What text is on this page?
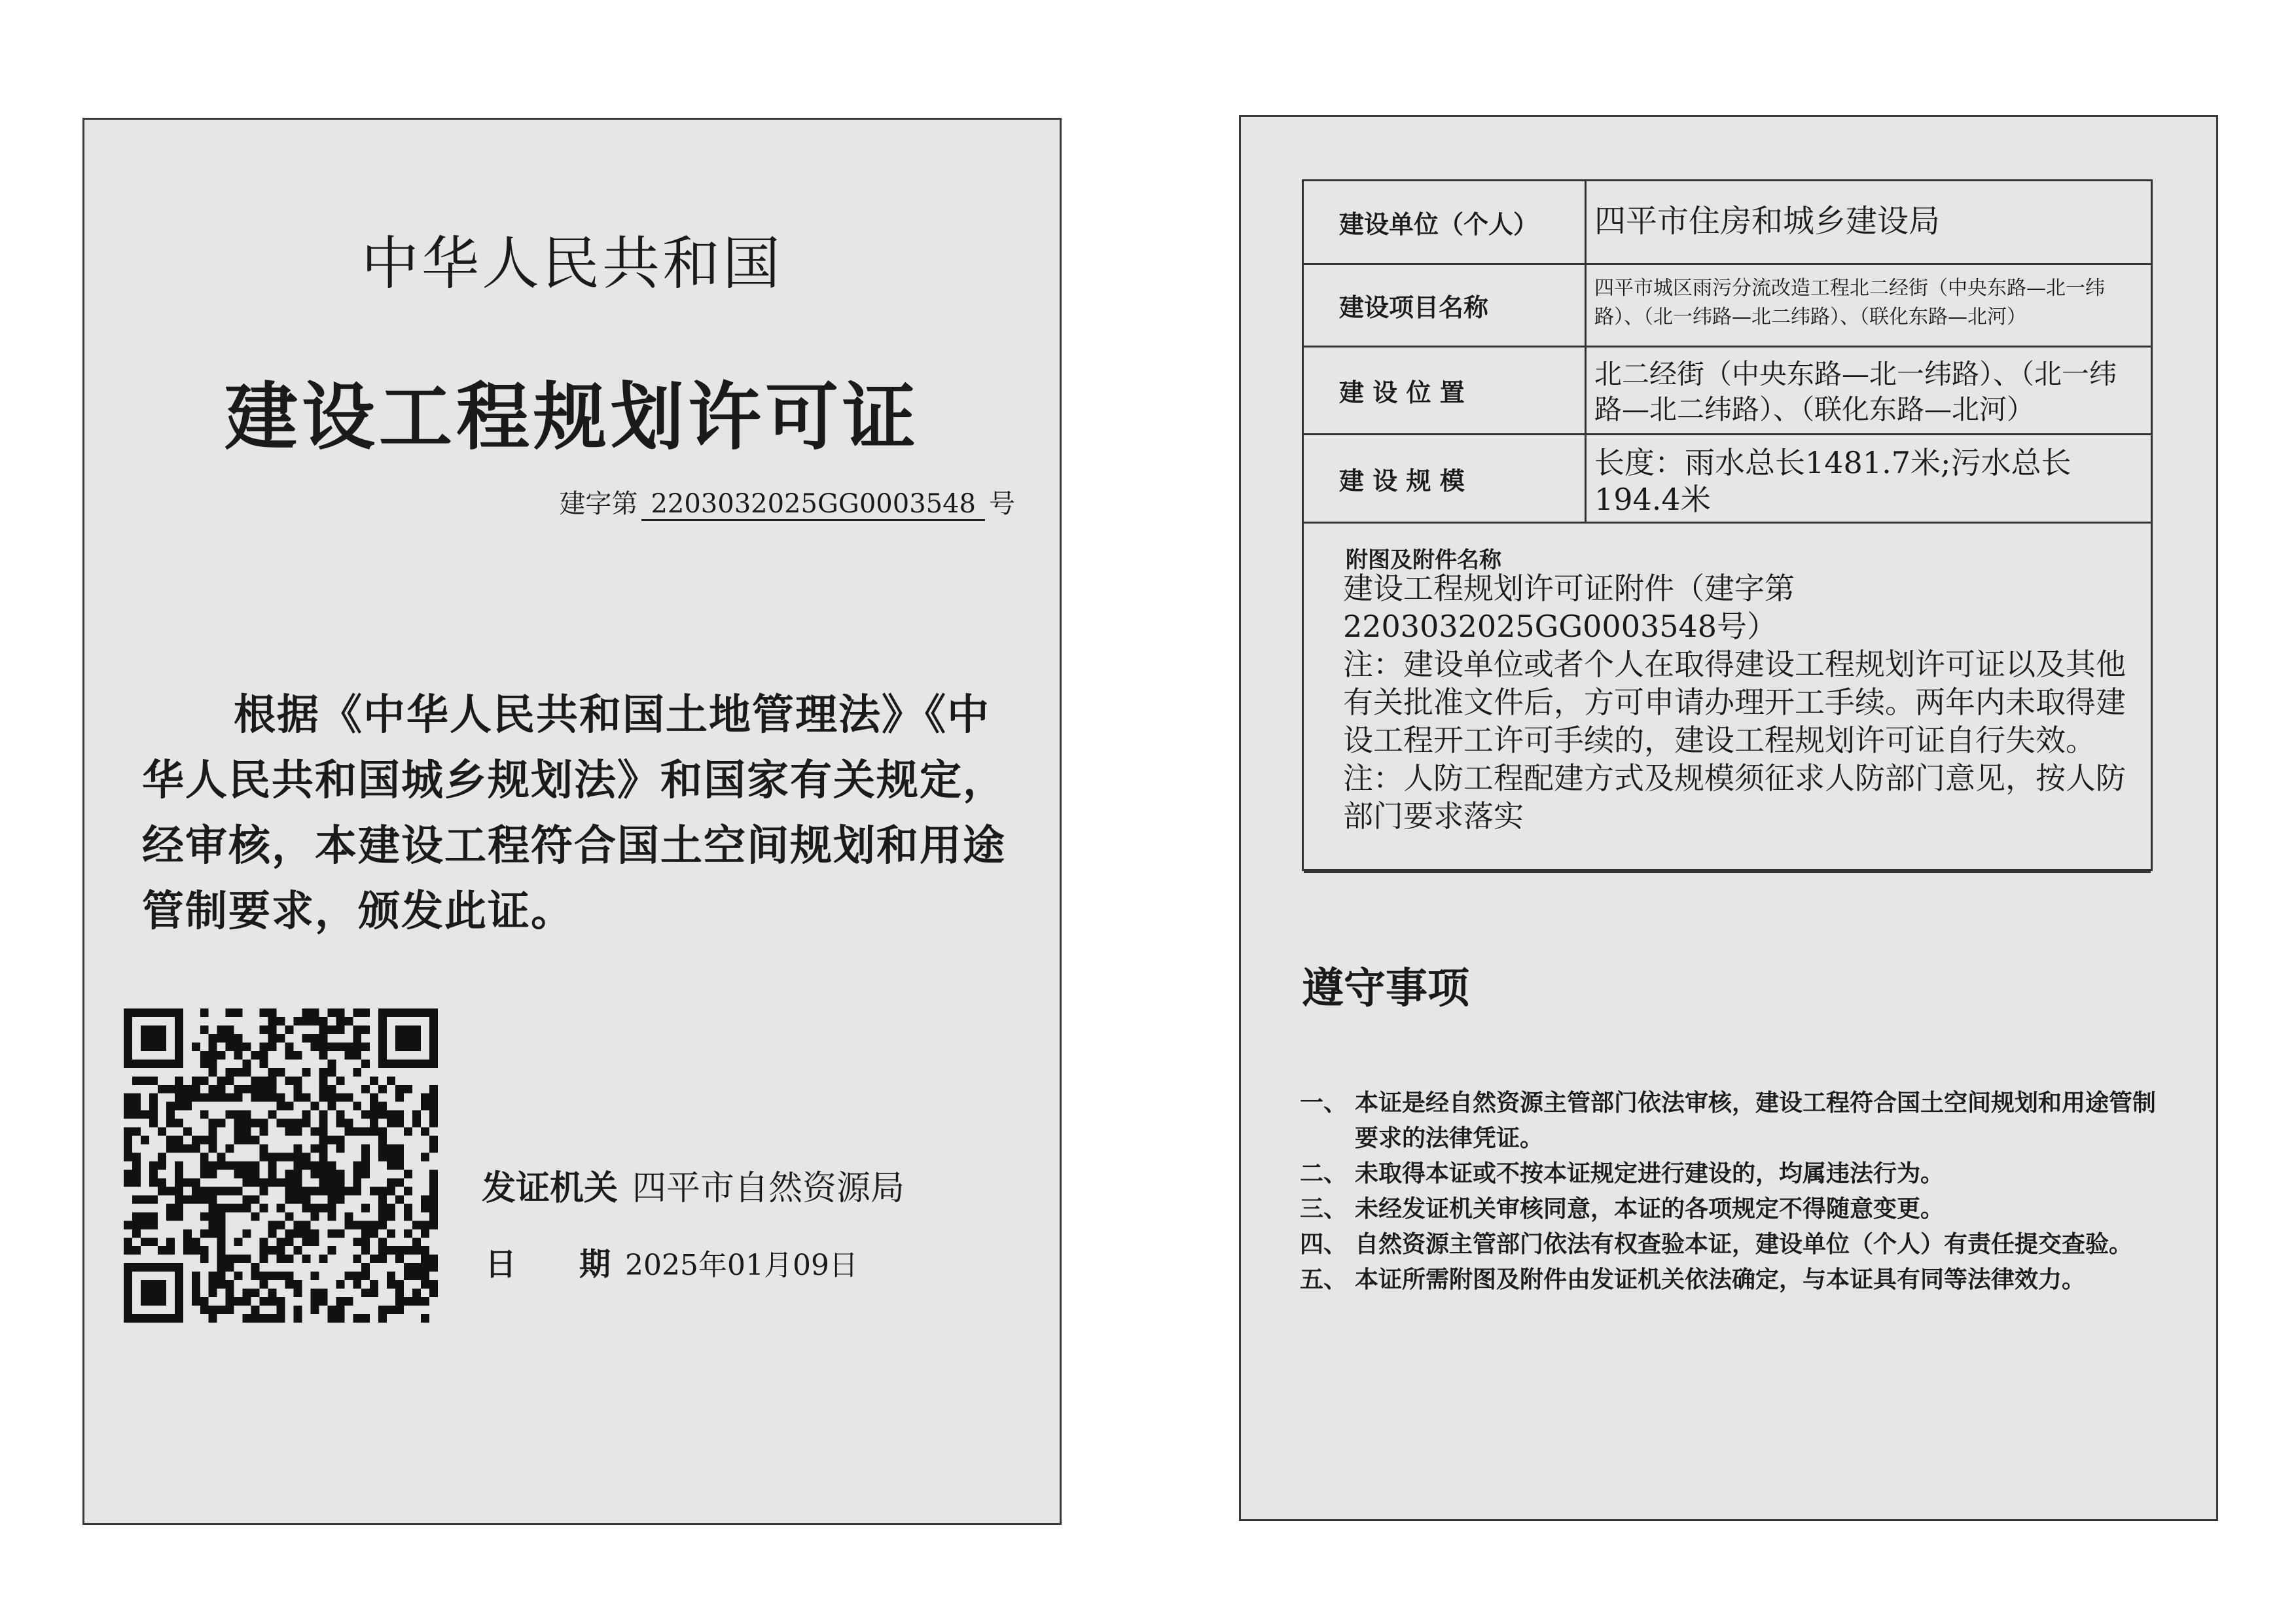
中华人民共和国
建设工程规划许可证
建字第 2203032025GG0003548 号
根据《中华人民共和国土地管理法》《中华人民共和国城乡规划法》和国家有关规定，经审核，本建设工程符合国土空间规划和用途管制要求，颁发此证。
发证机关 四平市自然资源局
日　　期 2025年01月09日
建设单位（个人）	四平市住房和城乡建设局
建设项目名称
四平市城区雨污分流改造工程北二经街（中央东路—北一纬路）、（北一纬路—北二纬路）、（联化东路—北河）
建 设 位 置
北二经街（中央东路—北一纬路）、（北一纬路—北二纬路）、（联化东路—北河）
建 设 规 模
长度：雨水总长1481.7米;污水总长194.4米
附图及附件名称
建设工程规划许可证附件（建字第2203032025GG0003548号）
注：建设单位或者个人在取得建设工程规划许可证以及其他有关批准文件后，方可申请办理开工手续。两年内未取得建设工程开工许可手续的，建设工程规划许可证自行失效。
注：人防工程配建方式及规模须征求人防部门意见，按人防部门要求落实
遵守事项
一、 本证是经自然资源主管部门依法审核，建设工程符合国土空间规划和用途管制要求的法律凭证。
二、 未取得本证或不按本证规定进行建设的，均属违法行为。
三、 未经发证机关审核同意，本证的各项规定不得随意变更。
四、 自然资源主管部门依法有权查验本证，建设单位（个人）有责任提交查验。
五、 本证所需附图及附件由发证机关依法确定，与本证具有同等法律效力。
